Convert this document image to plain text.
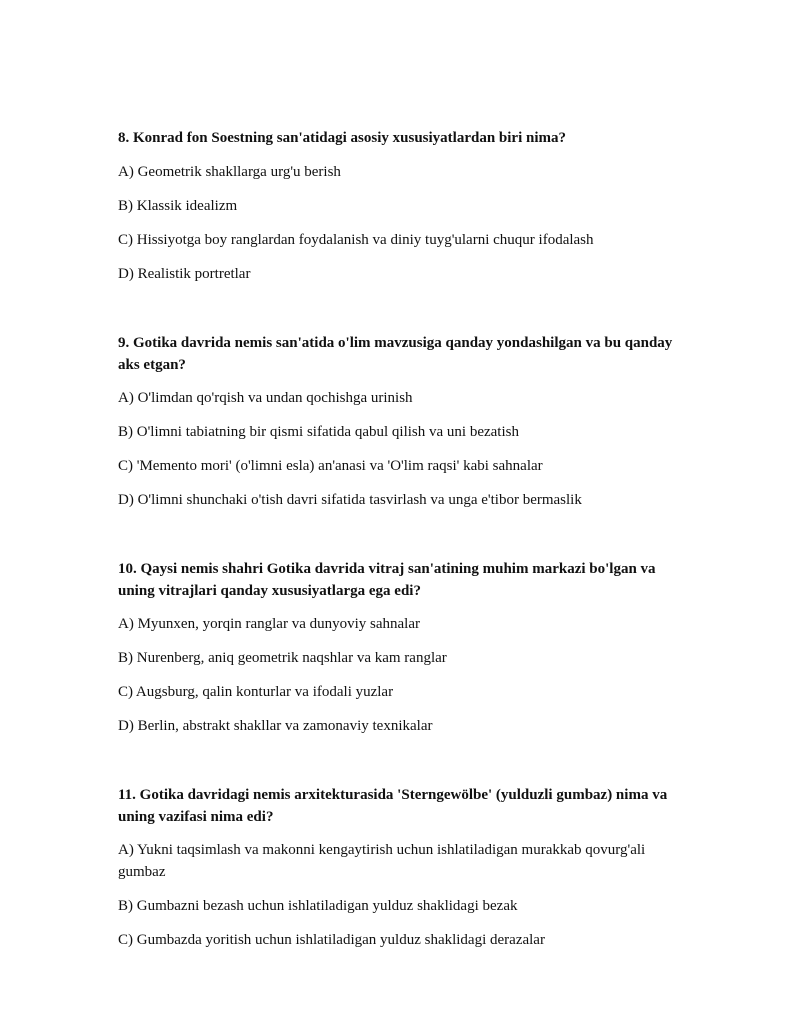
8. Konrad fon Soestning san'atidagi asosiy xususiyatlardan biri nima?

A) Geometrik shakllarga urg'u berish

B) Klassik idealizm

C) Hissiyotga boy ranglardan foydalanish va diniy tuyg'ularni chuqur ifodalash

D) Realistik portretlar

9. Gotika davrida nemis san'atida o'lim mavzusiga qanday yondashilgan va bu qanday aks etgan?

A) O'limdan qo'rqish va undan qochishga urinish

B) O'limni tabiatning bir qismi sifatida qabul qilish va uni bezatish

C) 'Memento mori' (o'limni esla) an'anasi va 'O'lim raqsi' kabi sahnalar

D) O'limni shunchaki o'tish davri sifatida tasvirlash va unga e'tibor bermaslik

10. Qaysi nemis shahri Gotika davrida vitraj san'atining muhim markazi bo'lgan va uning vitrajlari qanday xususiyatlarga ega edi?

A) Myunxen, yorqin ranglar va dunyoviy sahnalar

B) Nurenberg, aniq geometrik naqshlar va kam ranglar

C) Augsburg, qalin konturlar va ifodali yuzlar

D) Berlin, abstrakt shakllar va zamonaviy texnikalar

11. Gotika davridagi nemis arxitekturasida 'Sterngewölbe' (yulduzli gumbaz) nima va uning vazifasi nima edi?

A) Yukni taqsimlash va makonni kengaytirish uchun ishlatiladigan murakkab qovurg'ali gumbaz

B) Gumbazni bezash uchun ishlatiladigan yulduz shaklidagi bezak

C) Gumbazda yoritish uchun ishlatiladigan yulduz shaklidagi derazalar
